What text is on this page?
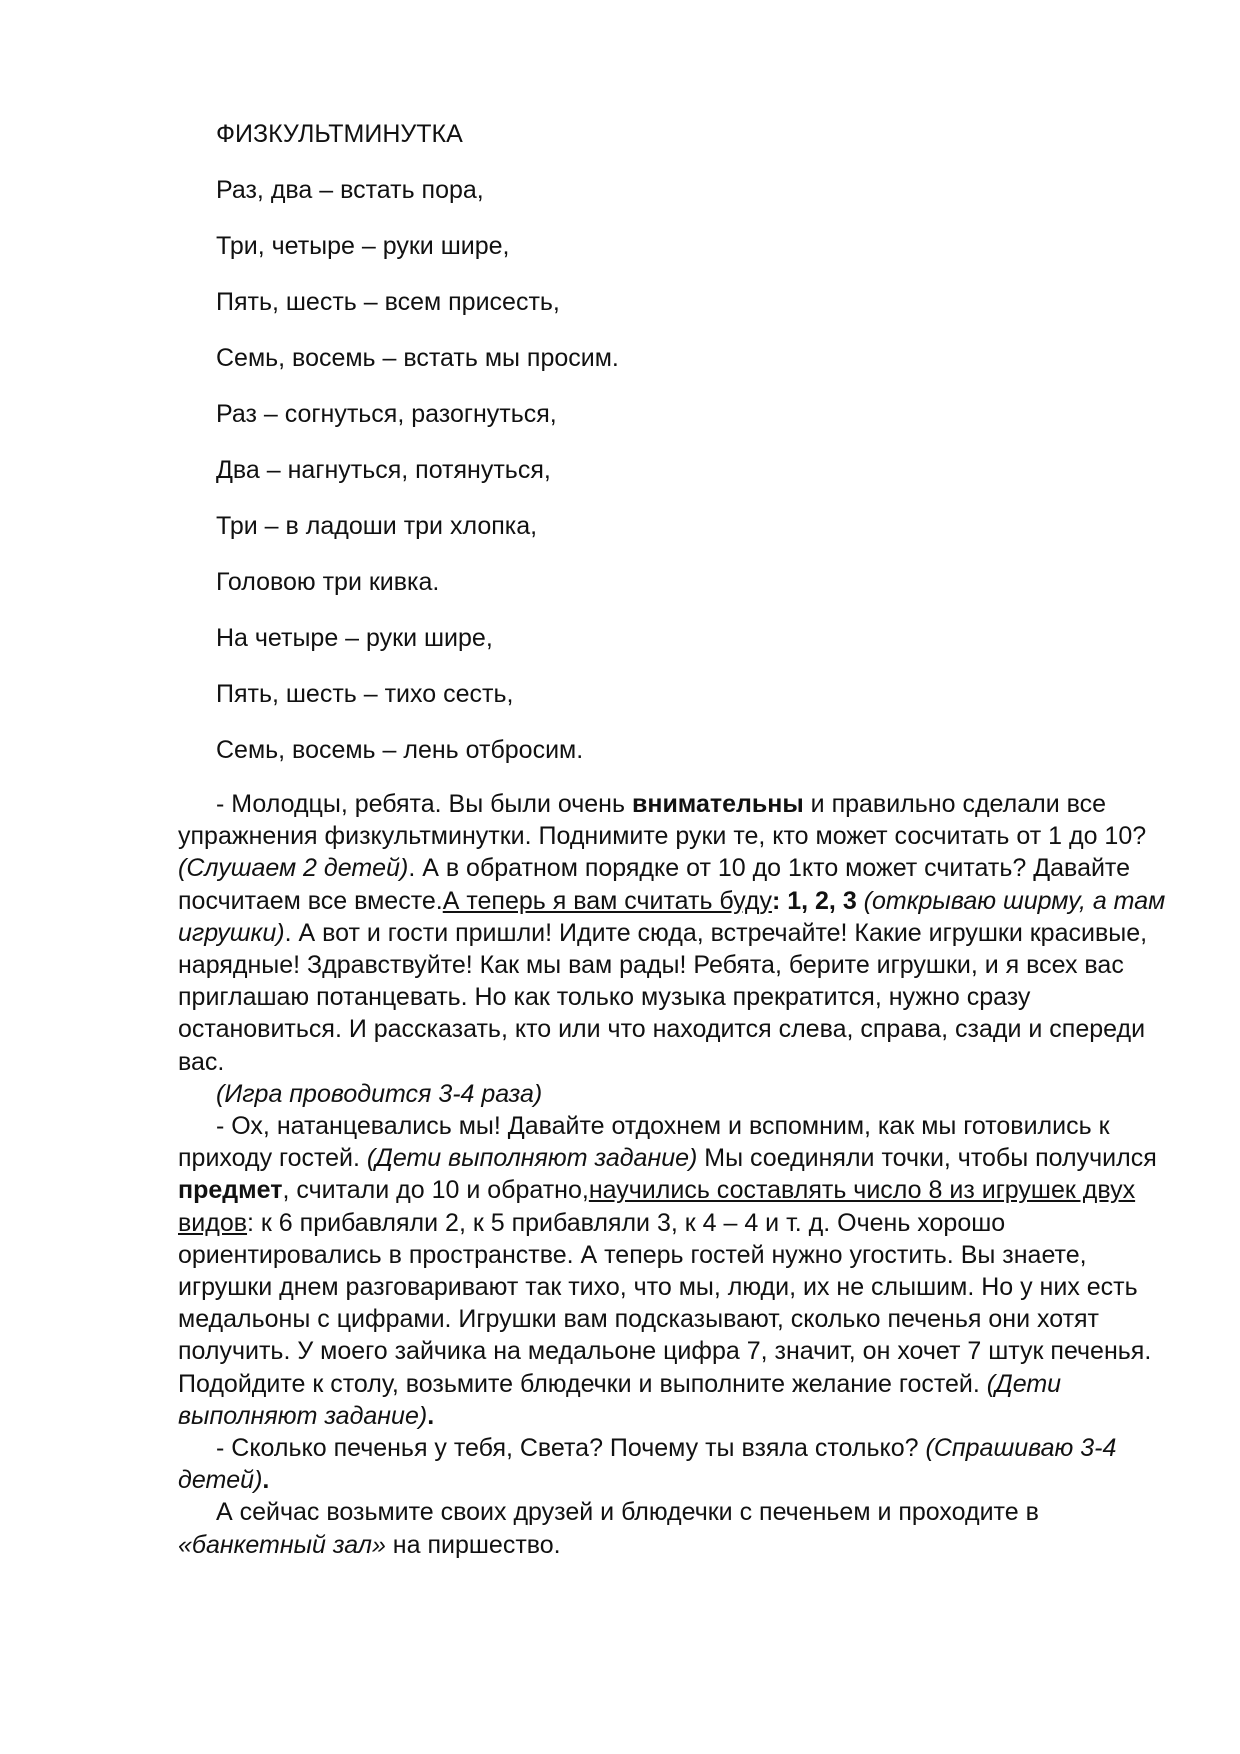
ФИЗКУЛЬТМИНУТКА
Раз, два – встать пора,
Три, четыре – руки шире,
Пять, шесть – всем присесть,
Семь, восемь – встать мы просим.
Раз – согнуться, разогнуться,
Два – нагнуться, потянуться,
Три – в ладоши три хлопка,
Головою три кивка.
На четыре – руки шире,
Пять, шесть – тихо сесть,
Семь, восемь – лень отбросим.

- Молодцы, ребята. Вы были очень внимательны и правильно сделали все упражнения физкультминутки. Поднимите руки те, кто может сосчитать от 1 до 10? (Слушаем 2 детей). А в обратном порядке от 10 до 1кто может считать? Давайте посчитаем все вместе.А теперь я вам считать буду: 1, 2, 3 (открываю ширму, а там игрушки). А вот и гости пришли! Идите сюда, встречайте! Какие игрушки красивые, нарядные! Здравствуйте! Как мы вам рады! Ребята, берите игрушки, и я всех вас приглашаю потанцевать. Но как только музыка прекратится, нужно сразу остановиться. И рассказать, кто или что находится слева, справа, сзади и спереди вас.

(Игра проводится 3-4 раза)

- Ох, натанцевались мы! Давайте отдохнем и вспомним, как мы готовились к приходу гостей. (Дети выполняют задание) Мы соединяли точки, чтобы получился предмет, считали до 10 и обратно,научились составлять число 8 из игрушек двух видов: к 6 прибавляли 2, к 5 прибавляли 3, к 4 – 4 и т. д. Очень хорошо ориентировались в пространстве. А теперь гостей нужно угостить. Вы знаете, игрушки днем разговаривают так тихо, что мы, люди, их не слышим. Но у них есть медальоны с цифрами. Игрушки вам подсказывают, сколько печенья они хотят получить. У моего зайчика на медальоне цифра 7, значит, он хочет 7 штук печенья. Подойдите к столу, возьмите блюдечки и выполните желание гостей. (Дети выполняют задание).

- Сколько печенья у тебя, Света? Почему ты взяла столько? (Спрашиваю 3-4 детей).

А сейчас возьмите своих друзей и блюдечки с печеньем и проходите в «банкетный зал» на пиршество.
